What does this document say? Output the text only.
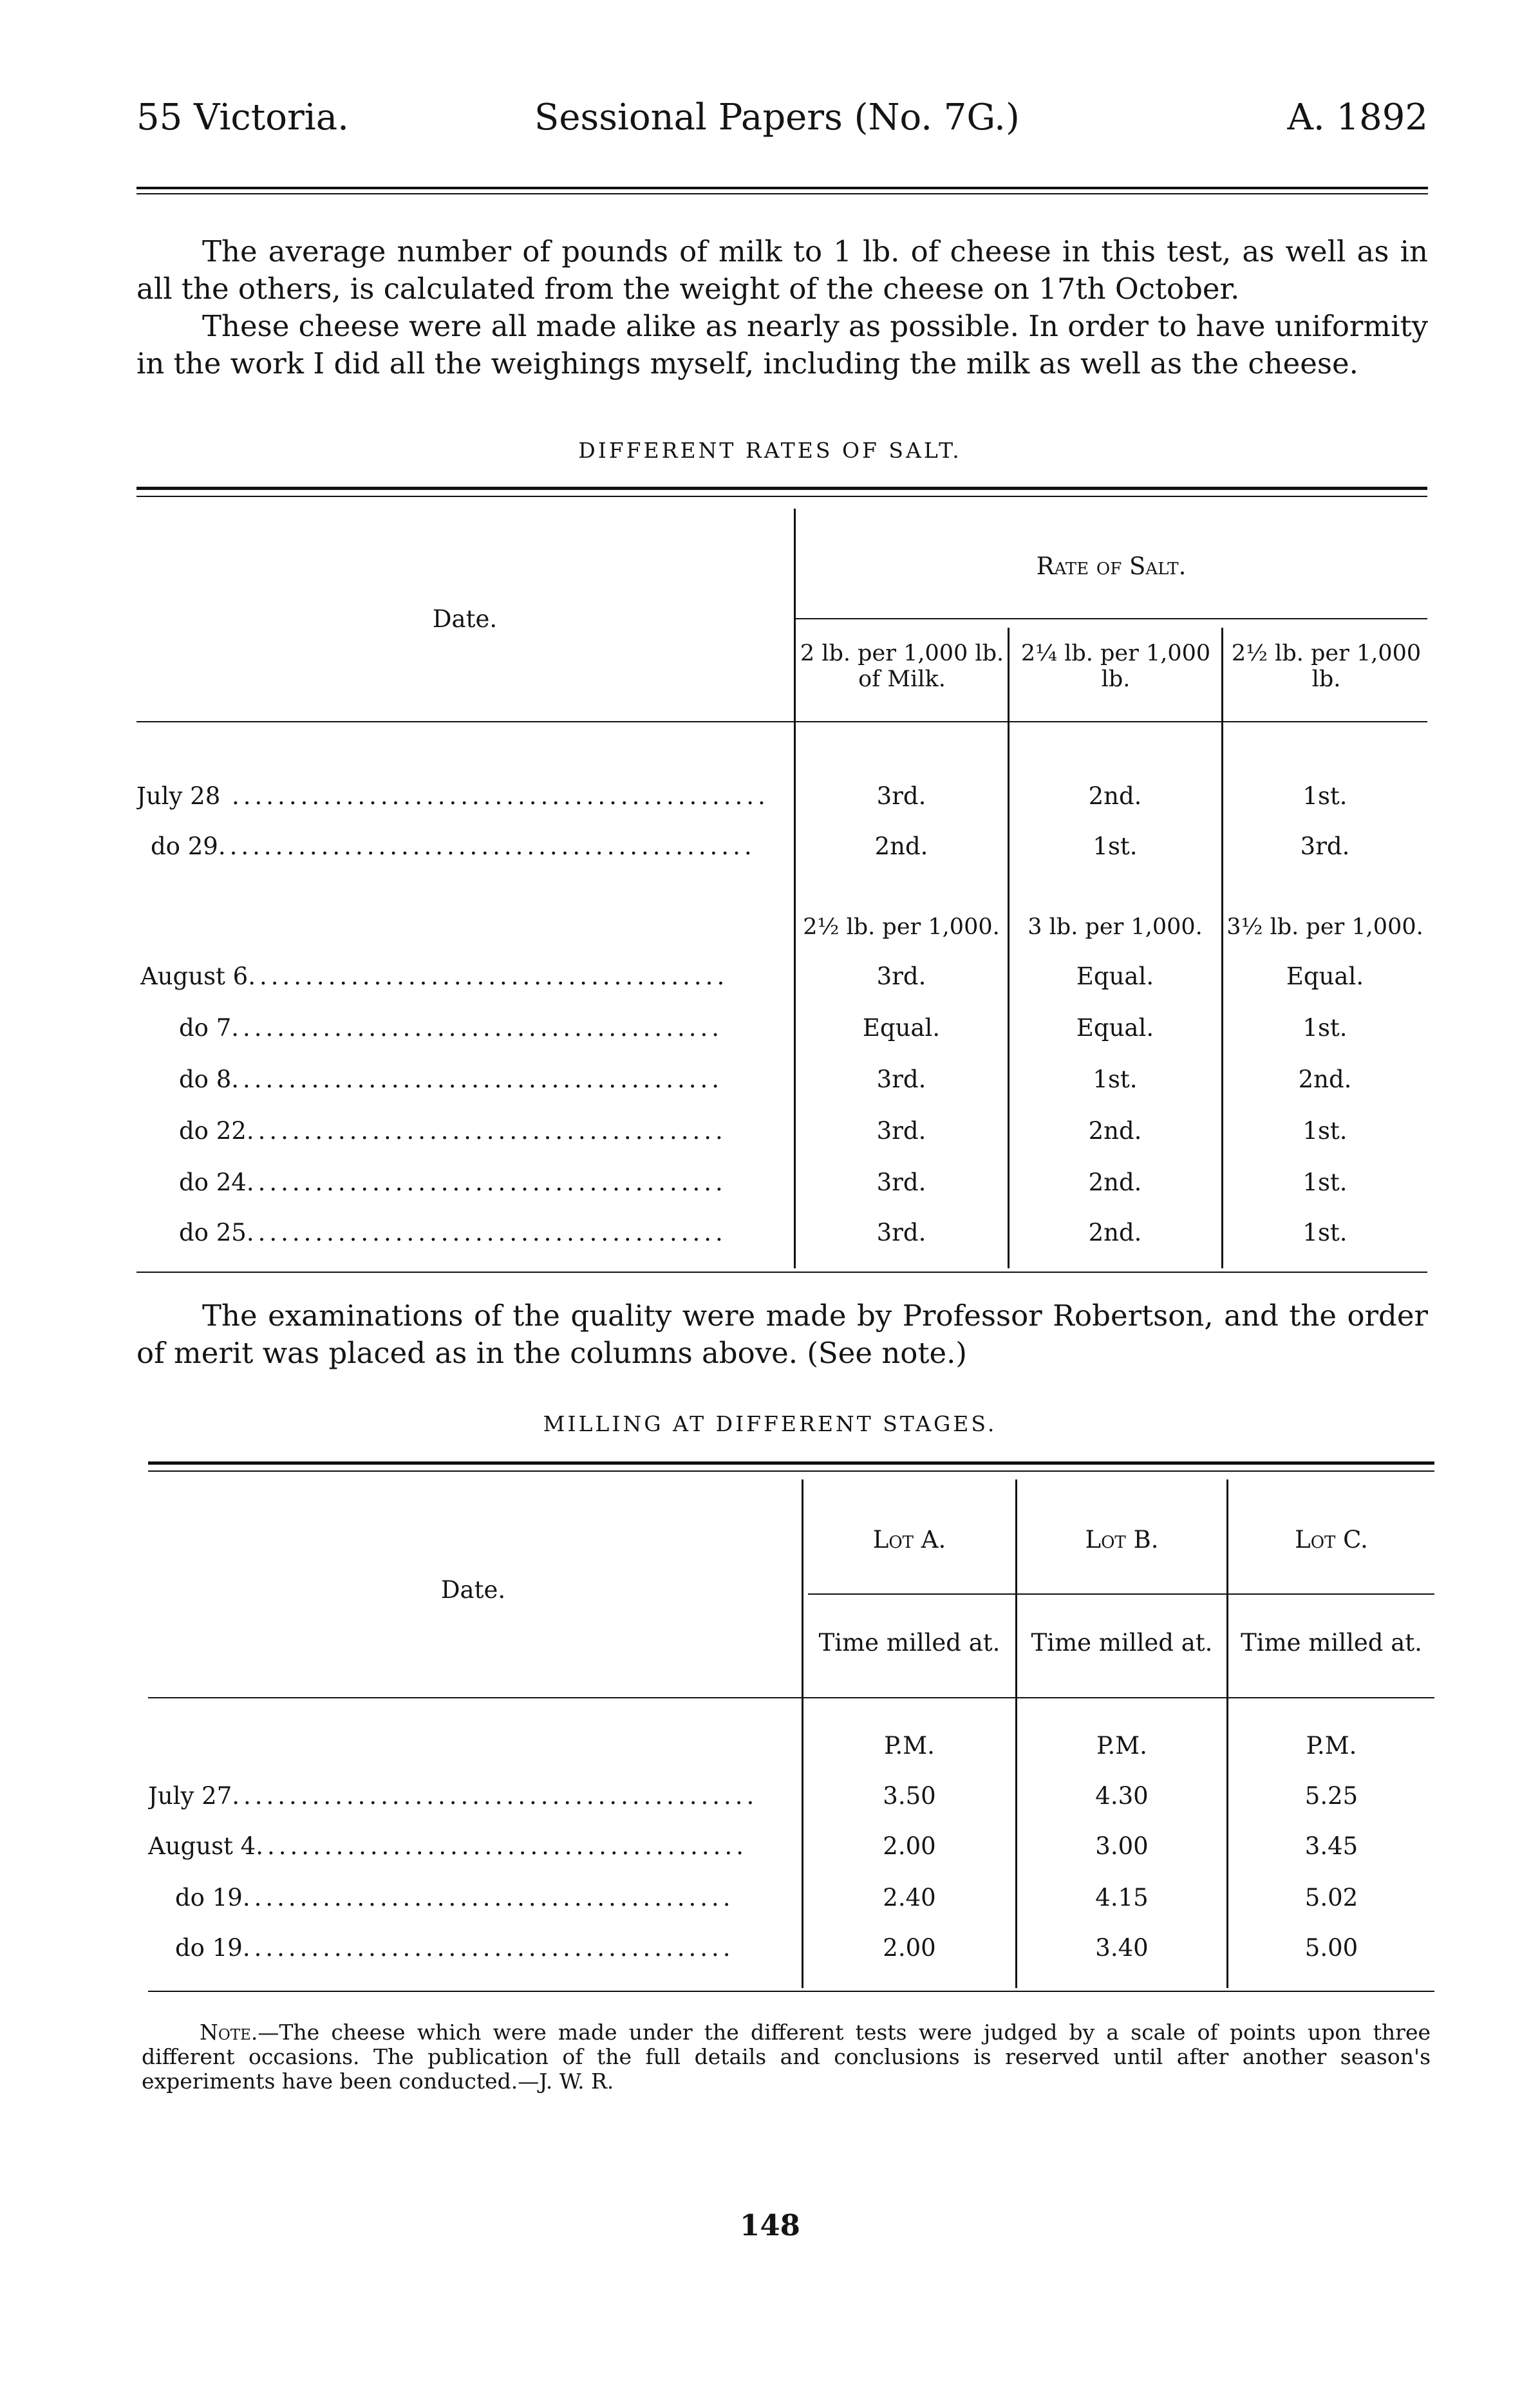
55 Victoria.	Sessional Papers (No. 7G.)	A. 1892

The average number of pounds of milk to 1 lb. of cheese in this test, as well as in all the others, is calculated from the weight of the cheese on 17th October.

These cheese were all made alike as nearly as possible. In order to have uniformity in the work I did all the weighings myself, including the milk as well as the cheese.

DIFFERENT RATES OF SALT.
Date.
Rate of Salt.
2 lb. per 1,000 lb. of Milk.
2¼ lb. per 1,000 lb.
2½ lb. per 1,000 lb.
July 28 ...............................................	3rd.	2nd.	1st.
do 29...............................................	2nd.	1st.	3rd.
2½ lb. per 1,000.	3 lb. per 1,000.	3½ lb. per 1,000.
August 6..........................................	3rd.	Equal.	Equal.
do 7...........................................	Equal.	Equal.	1st.
do 8...........................................	3rd.	1st.	2nd.
do 22..........................................	3rd.	2nd.	1st.
do 24..........................................	3rd.	2nd.	1st.
do 25..........................................	3rd.	2nd.	1st.

The examinations of the quality were made by Professor Robertson, and the order of merit was placed as in the columns above. (See note.)

MILLING AT DIFFERENT STAGES.
Date.
Lot A.	Lot B.	Lot C.
Time milled at.	Time milled at.	Time milled at.
P.M.	P.M.	P.M.
July 27..............................................	3.50	4.30	5.25
August 4...........................................	2.00	3.00	3.45
do 19...........................................	2.40	4.15	5.02
do 19...........................................	2.00	3.40	5.00

Note.—The cheese which were made under the different tests were judged by a scale of points upon three different occasions. The publication of the full details and conclusions is reserved until after another season's experiments have been conducted.—J. W. R.

148
